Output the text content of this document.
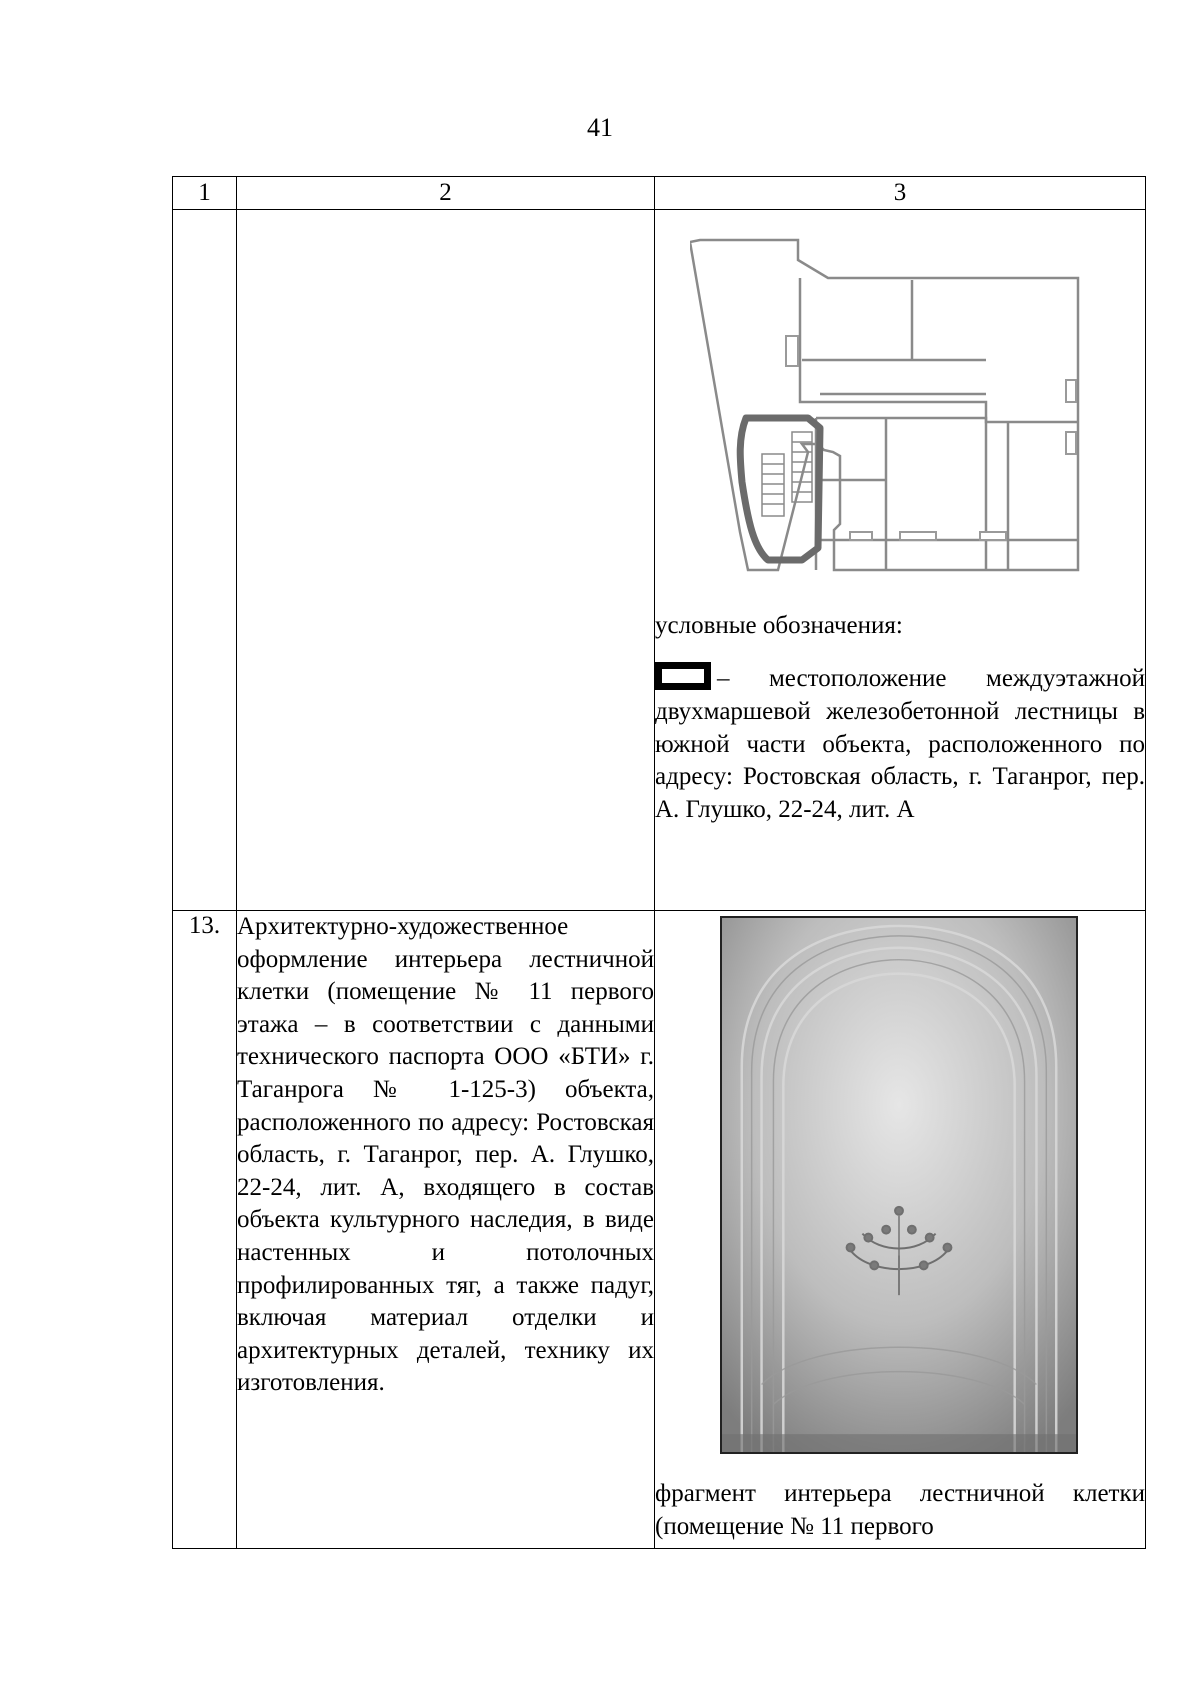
41
1	2	3

		условные обозначения:
– местоположение междуэтажной двухмаршевой железобетонной лестницы в южной части объекта, расположенного по адресу: Ростовская область, г. Таганрог, пер. А. Глушко, 22-24, лит. А

13.	Архитектурно-художественное оформление интерьера лестничной клетки (помещение № 11 первого этажа – в соответствии с данными технического паспорта ООО «БТИ» г. Таганрога № 1-125-3) объекта, расположенного по адресу: Ростовская область, г. Таганрог, пер. А. Глушко, 22-24, лит. А, входящего в состав объекта культурного наследия, в виде настенных и потолочных профилированных тяг, а также падуг, включая материал отделки и архитектурных деталей, технику их изготовления.	фрагмент интерьера лестничной клетки (помещение № 11 первого
